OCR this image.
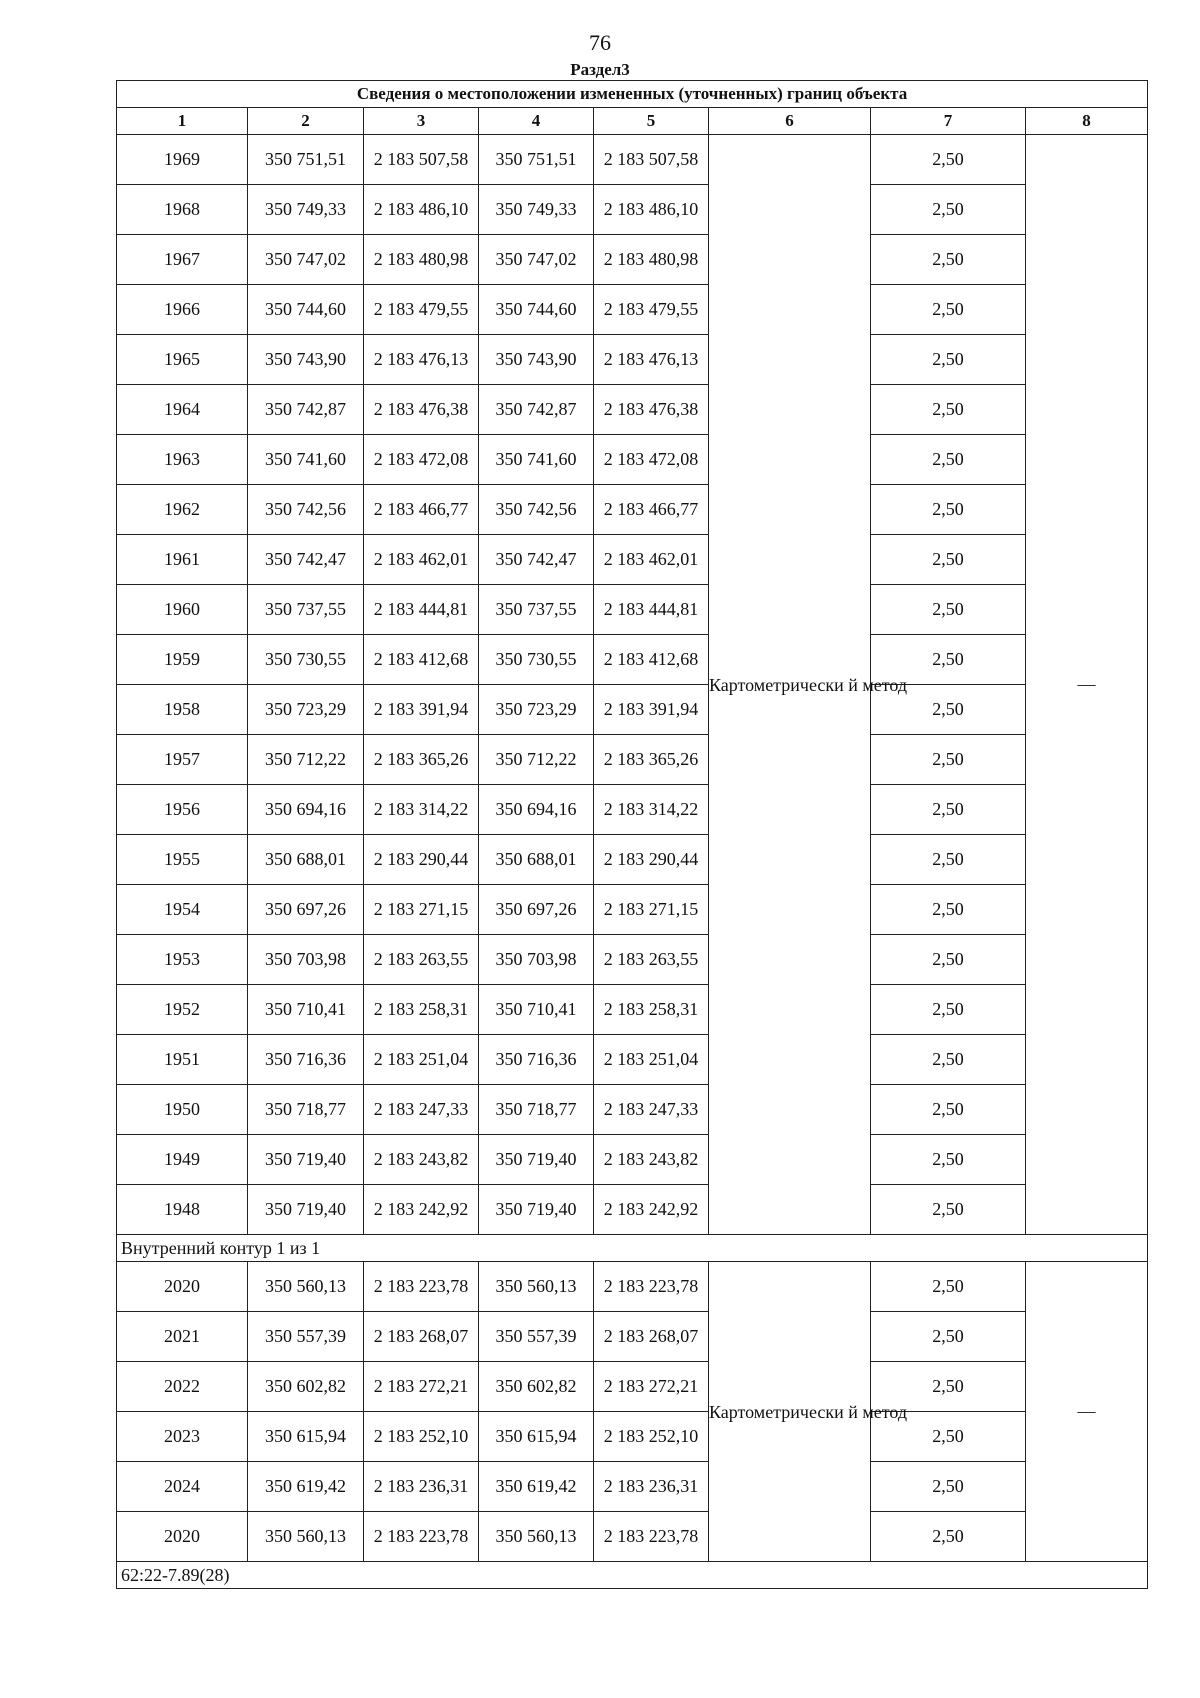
76
Раздел3
Сведения о местоположении измененных (уточненных) границ объекта							
1	2	3	4	5	6	7	8
1969	350 751,51	2 183 507,58	350 751,51	2 183 507,58	Картометрически й метод	2,50	—
1968	350 749,33	2 183 486,10	350 749,33	2 183 486,10		2,50	
1967	350 747,02	2 183 480,98	350 747,02	2 183 480,98		2,50	
1966	350 744,60	2 183 479,55	350 744,60	2 183 479,55		2,50	
1965	350 743,90	2 183 476,13	350 743,90	2 183 476,13		2,50	
1964	350 742,87	2 183 476,38	350 742,87	2 183 476,38		2,50	
1963	350 741,60	2 183 472,08	350 741,60	2 183 472,08		2,50	
1962	350 742,56	2 183 466,77	350 742,56	2 183 466,77		2,50	
1961	350 742,47	2 183 462,01	350 742,47	2 183 462,01		2,50	
1960	350 737,55	2 183 444,81	350 737,55	2 183 444,81		2,50	
1959	350 730,55	2 183 412,68	350 730,55	2 183 412,68		2,50	
1958	350 723,29	2 183 391,94	350 723,29	2 183 391,94		2,50	
1957	350 712,22	2 183 365,26	350 712,22	2 183 365,26		2,50	
1956	350 694,16	2 183 314,22	350 694,16	2 183 314,22		2,50	
1955	350 688,01	2 183 290,44	350 688,01	2 183 290,44		2,50	
1954	350 697,26	2 183 271,15	350 697,26	2 183 271,15		2,50	
1953	350 703,98	2 183 263,55	350 703,98	2 183 263,55		2,50	
1952	350 710,41	2 183 258,31	350 710,41	2 183 258,31		2,50	
1951	350 716,36	2 183 251,04	350 716,36	2 183 251,04		2,50	
1950	350 718,77	2 183 247,33	350 718,77	2 183 247,33		2,50	
1949	350 719,40	2 183 243,82	350 719,40	2 183 243,82		2,50	
1948	350 719,40	2 183 242,92	350 719,40	2 183 242,92		2,50	
Внутренний контур 1 из 1							
2020	350 560,13	2 183 223,78	350 560,13	2 183 223,78	Картометрически й метод	2,50	—
2021	350 557,39	2 183 268,07	350 557,39	2 183 268,07		2,50	
2022	350 602,82	2 183 272,21	350 602,82	2 183 272,21		2,50	
2023	350 615,94	2 183 252,10	350 615,94	2 183 252,10		2,50	
2024	350 619,42	2 183 236,31	350 619,42	2 183 236,31		2,50	
2020	350 560,13	2 183 223,78	350 560,13	2 183 223,78		2,50	
62:22-7.89(28)							
